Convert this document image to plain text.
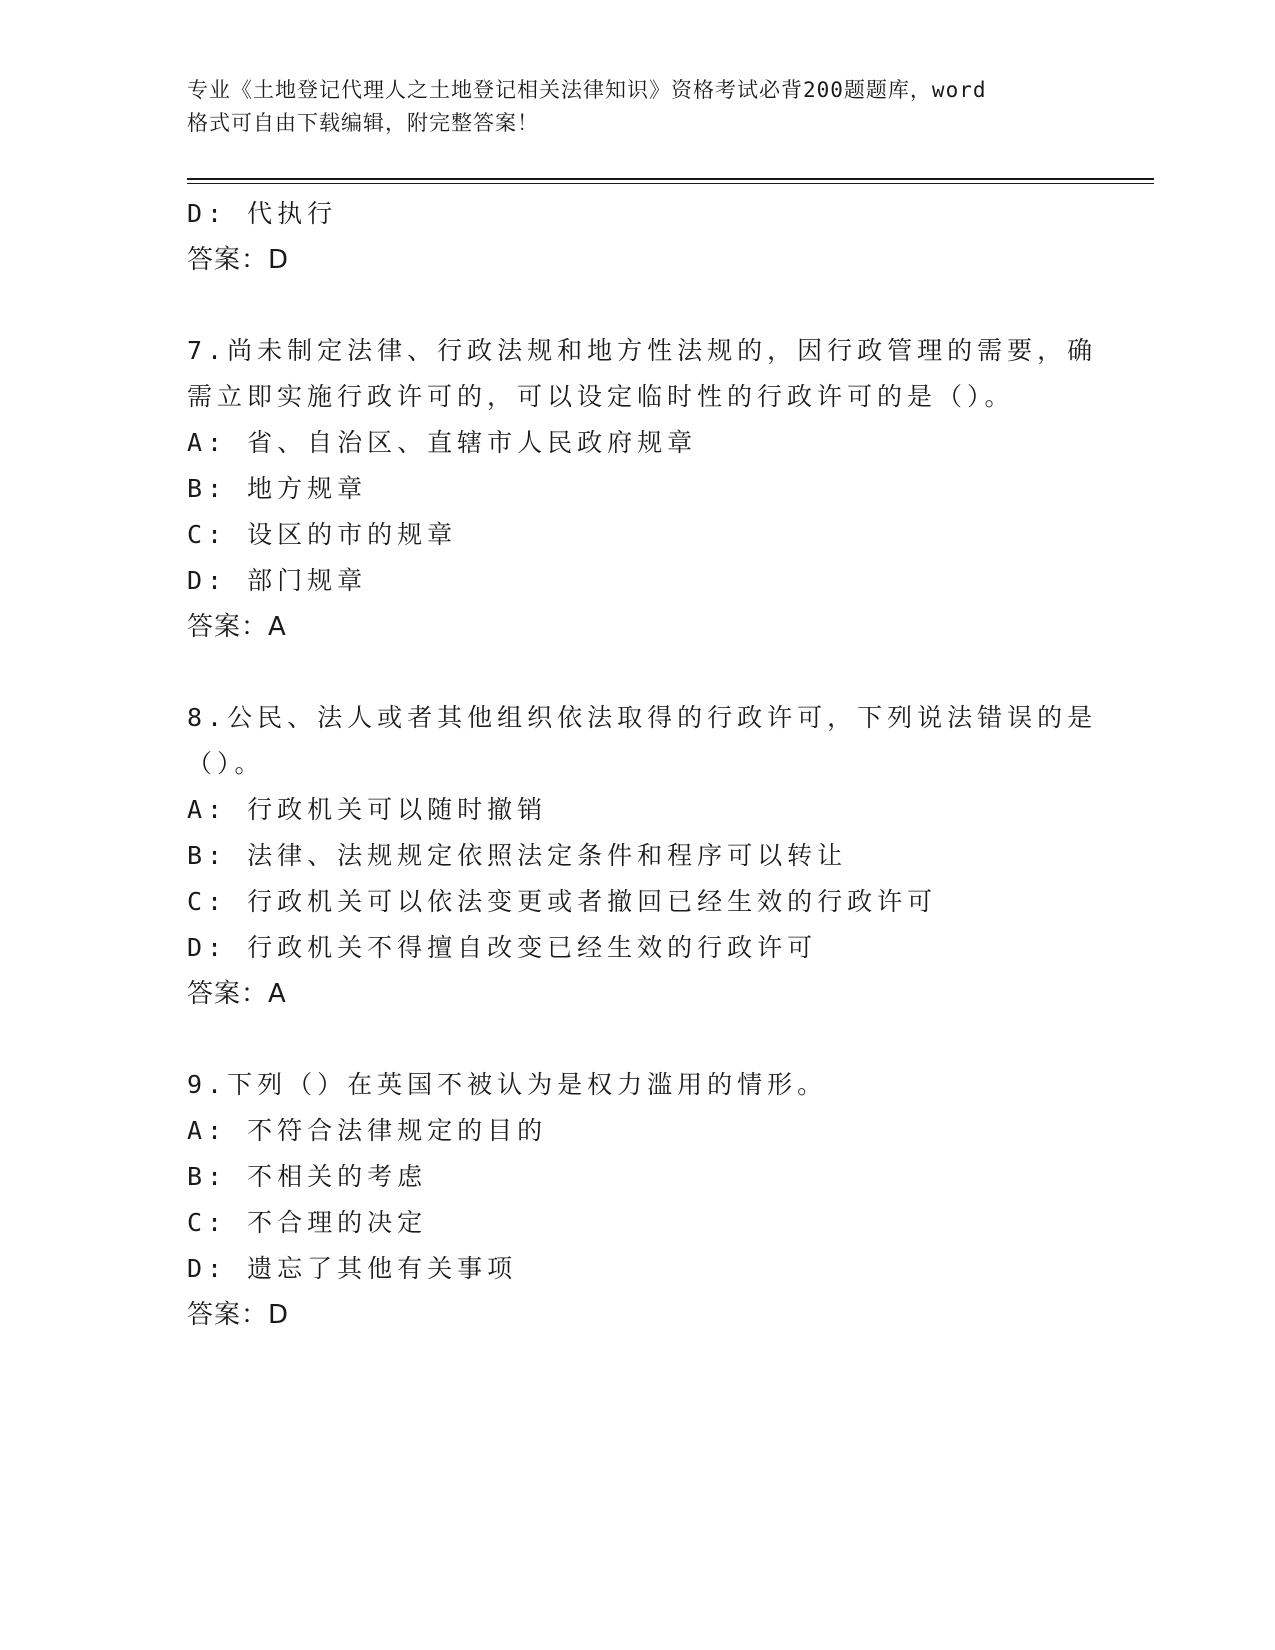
专业《土地登记代理人之土地登记相关法律知识》资格考试必背200题题库，word
格式可自由下载编辑，附完整答案！
D: 代执行
答案：D
7.尚未制定法律、行政法规和地方性法规的，因行政管理的需要，确
需立即实施行政许可的，可以设定临时性的行政许可的是（）。
A: 省、自治区、直辖市人民政府规章
B: 地方规章
C: 设区的市的规章
D: 部门规章
答案：A
8.公民、法人或者其他组织依法取得的行政许可，下列说法错误的是
（）。
A: 行政机关可以随时撤销
B: 法律、法规规定依照法定条件和程序可以转让
C: 行政机关可以依法变更或者撤回已经生效的行政许可
D: 行政机关不得擅自改变已经生效的行政许可
答案：A
9.下列（）在英国不被认为是权力滥用的情形。
A: 不符合法律规定的目的
B: 不相关的考虑
C: 不合理的决定
D: 遗忘了其他有关事项
答案：D
